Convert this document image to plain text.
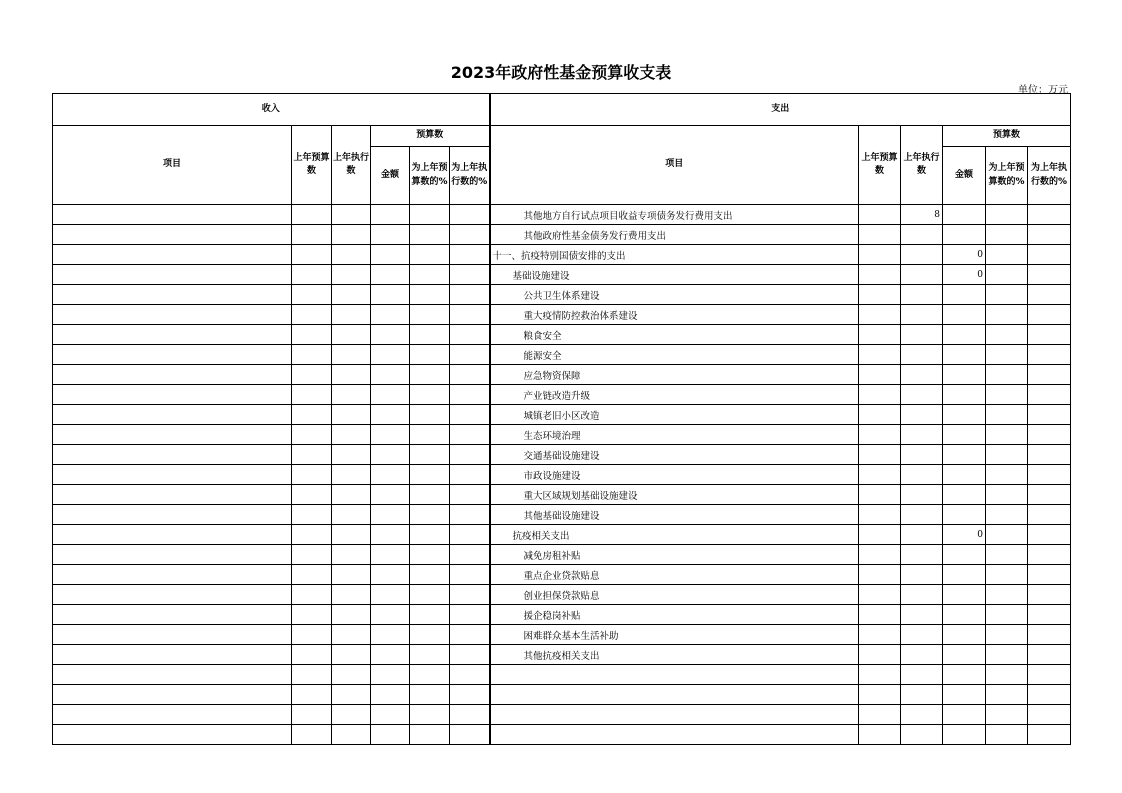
2023年政府性基金预算收支表
单位：万元
收入						支出					
项目	上年预算数	上年执行数	预算数			项目	上年预算数	上年执行数	预算数		
			金额	为上年预算数的%	为上年执行数的%				金额	为上年预算数的%	为上年执行数的%
						其他地方自行试点项目收益专项债务发行费用支出		8			
						其他政府性基金债务发行费用支出					
						十一、抗疫特别国债安排的支出			0		
						基础设施建设			0		
						公共卫生体系建设					
						重大疫情防控救治体系建设					
						粮食安全					
						能源安全					
						应急物资保障					
						产业链改造升级					
						城镇老旧小区改造					
						生态环境治理					
						交通基础设施建设					
						市政设施建设					
						重大区域规划基础设施建设					
						其他基础设施建设					
						抗疫相关支出			0		
						减免房租补贴					
						重点企业贷款贴息					
						创业担保贷款贴息					
						援企稳岗补贴					
						困难群众基本生活补助					
						其他抗疫相关支出					
